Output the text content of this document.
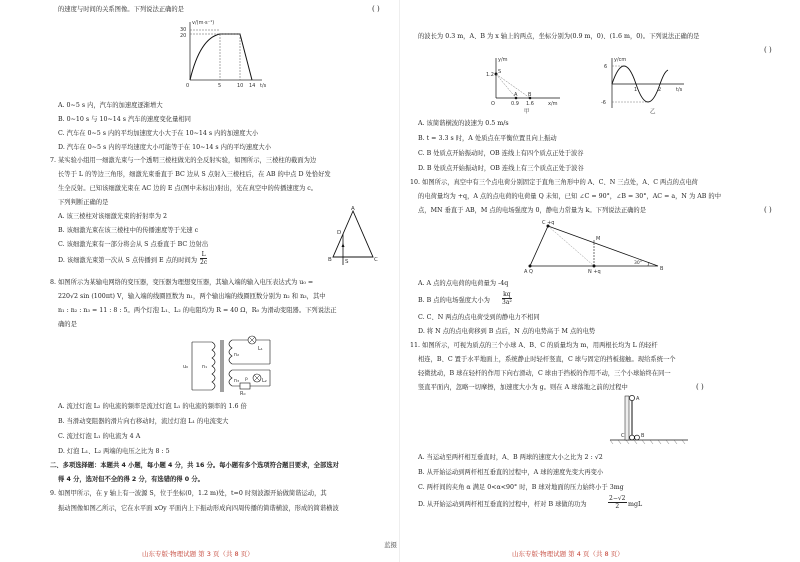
的速度与时间的关系图像。下列说法正确的是	( )
v/(m·s⁻¹)
30
20
0	5	10 14 t/s
A. 0~5 s 内，汽车的加速度逐渐增大
B. 0~10 s 与 10~14 s 汽车的速度变化量相同
C. 汽车在 0~5 s 内的平均加速度大小大于在 10~14 s 内的加速度大小
D. 汽车在 0~5 s 内的平均速度大小可能等于在 10~14 s 内的平均速度大小
7. 某实验小组用一细激光束与一个透明三棱柱做光的全反射实验，如图所示，三棱柱的截面为边
长等于 L 的等边三角形，细激光束垂直于 BC 边从 S 点射入三棱柱后，在 AB 的中点 D 处恰好发
生全反射。已知该细激光束在 AC 边的 E 点(图中未标出)射出，光在真空中的传播速度为 c。
下列判断正确的是
A
B	C
D
S
A. 该三棱柱对该细激光束的折射率为 2
B. 该细激光束在该三棱柱中的传播速度等于光速 c
C. 该细激光束有一部分将会从 S 点垂直于 BC 边射出
D. 该细激光束第一次从 S 点传播到 E 点的时间为 $\frac{L}{2c}$
8. 如图所示为某输电网络的变压器，变压器为理想变压器，其输入端的输入电压表达式为 u₀ =
220√2 sin (100πt) V，输入端的线圈匝数为 n₁，两个输出端的线圈匝数分别为 n₂ 和 n₃，其中
n₁ : n₂ : n₃ = 11 : 8 : 5。两个灯泡 L₁、L₂ 的电阻均为 R = 40 Ω，R₀ 为滑动变阻器。下列说法正
确的是
u₀	n₁
n₂
n₃
L₁
L₂
R₀
P
A. 流过灯泡 L₂ 的电流的频率是流过灯泡 L₁ 的电流的频率的 1.6 倍
B. 当滑动变阻器的滑片向右移动时，流过灯泡 L₁ 的电流变大
C. 流过灯泡 L₁ 的电流为 4 A
D. 灯泡 L₁、L₂ 两端的电压之比为 8 : 5
二、多项选择题：本题共 4 小题，每小题 4 分，共 16 分。每小题有多个选项符合题目要求，全部选对
得 4 分，选对但不全的得 2 分，有选错的得 0 分。
9. 如图甲所示，在 y 轴上有一波源 S，位于坐标(0，1.2 m)处，t=0 时刻波源开始做简谐运动，其
振动图像如图乙所示，它在水平面 xOy 平面内上下振动形成向四周传播的简谐横波，形成的简谐横波
山东专版·物理试题 第 3 页（共 8 页）
蓝摄
的波长为 0.3 m，A、B 为 x 轴上的两点，坐标分别为(0.9 m，0)、(1.6 m，0)。下列说法正确的是
( )
y/m
1.2 S
O
A B
0.9 1.6	x/m
甲
y/cm
6
-6
1	2	t/s
乙
A. 该简谐横波的波速为 0.5 m/s
B. t = 3.3 s 时，A 处质点在平衡位置且向上振动
C. B 处质点开始振动时，OB 连线上有四个质点正处于波谷
D. B 处质点开始振动时，OB 连线上有三个质点正处于波谷
10. 如图所示，真空中有三个点电荷分别固定于直角三角形中的 A、C、N 三点处，A、C 两点的点电荷
的电荷量均为 +q，A 点的点电荷的电荷量 Q 未知，已知 ∠C = 90°，∠B = 30°，AC = a，N 为 AB 的中
点，MN 垂直于 AB，M 点的电场强度为 0，静电力常量为 k。下列说法正确的是	( )
C +q
M
A Q	N +q	B
30°
A. A 点的点电荷的电荷量为 -4q
B. B 点的电场强度大小为 $\frac{kq}{\text{3a²}}$
C. C、N 两点的点电荷受到的静电力不相同
D. 将 N 点的点电荷移到 B 点后，N 点的电势高于 M 点的电势
11. 如图所示，可视为质点的三个小球 A、B、C 的质量均为 m，用两根长均为 L 的轻杆
相连，B、C 置于水平地面上，系统静止时轻杆竖直，C 球与固定的挡板接触。现给系统一个
轻微扰动，B 球在轻杆的作用下向右滑动，C 球由于挡板的作用不动，三个小球始终在同一
竖直平面内，忽略一切摩擦，加速度大小为 g。则在 A 球落地之前的过程中	( )
A
B
C
A. 当运动至两杆相互垂直时，A、B 两球的速度大小之比为 2 : √2
B. 从开始运动到两杆相互垂直的过程中，A 球的速度先变大再变小
C. 两杆间的夹角 α 满足 0<α<90° 时，B 球对地面的压力始终小于 3mg
D. 从开始运动到两杆相互垂直的过程中，杆对 B 球做的功为	$\frac{2-√2}{2}$ mgL
山东专版·物理试题 第 4 页（共 8 页）
